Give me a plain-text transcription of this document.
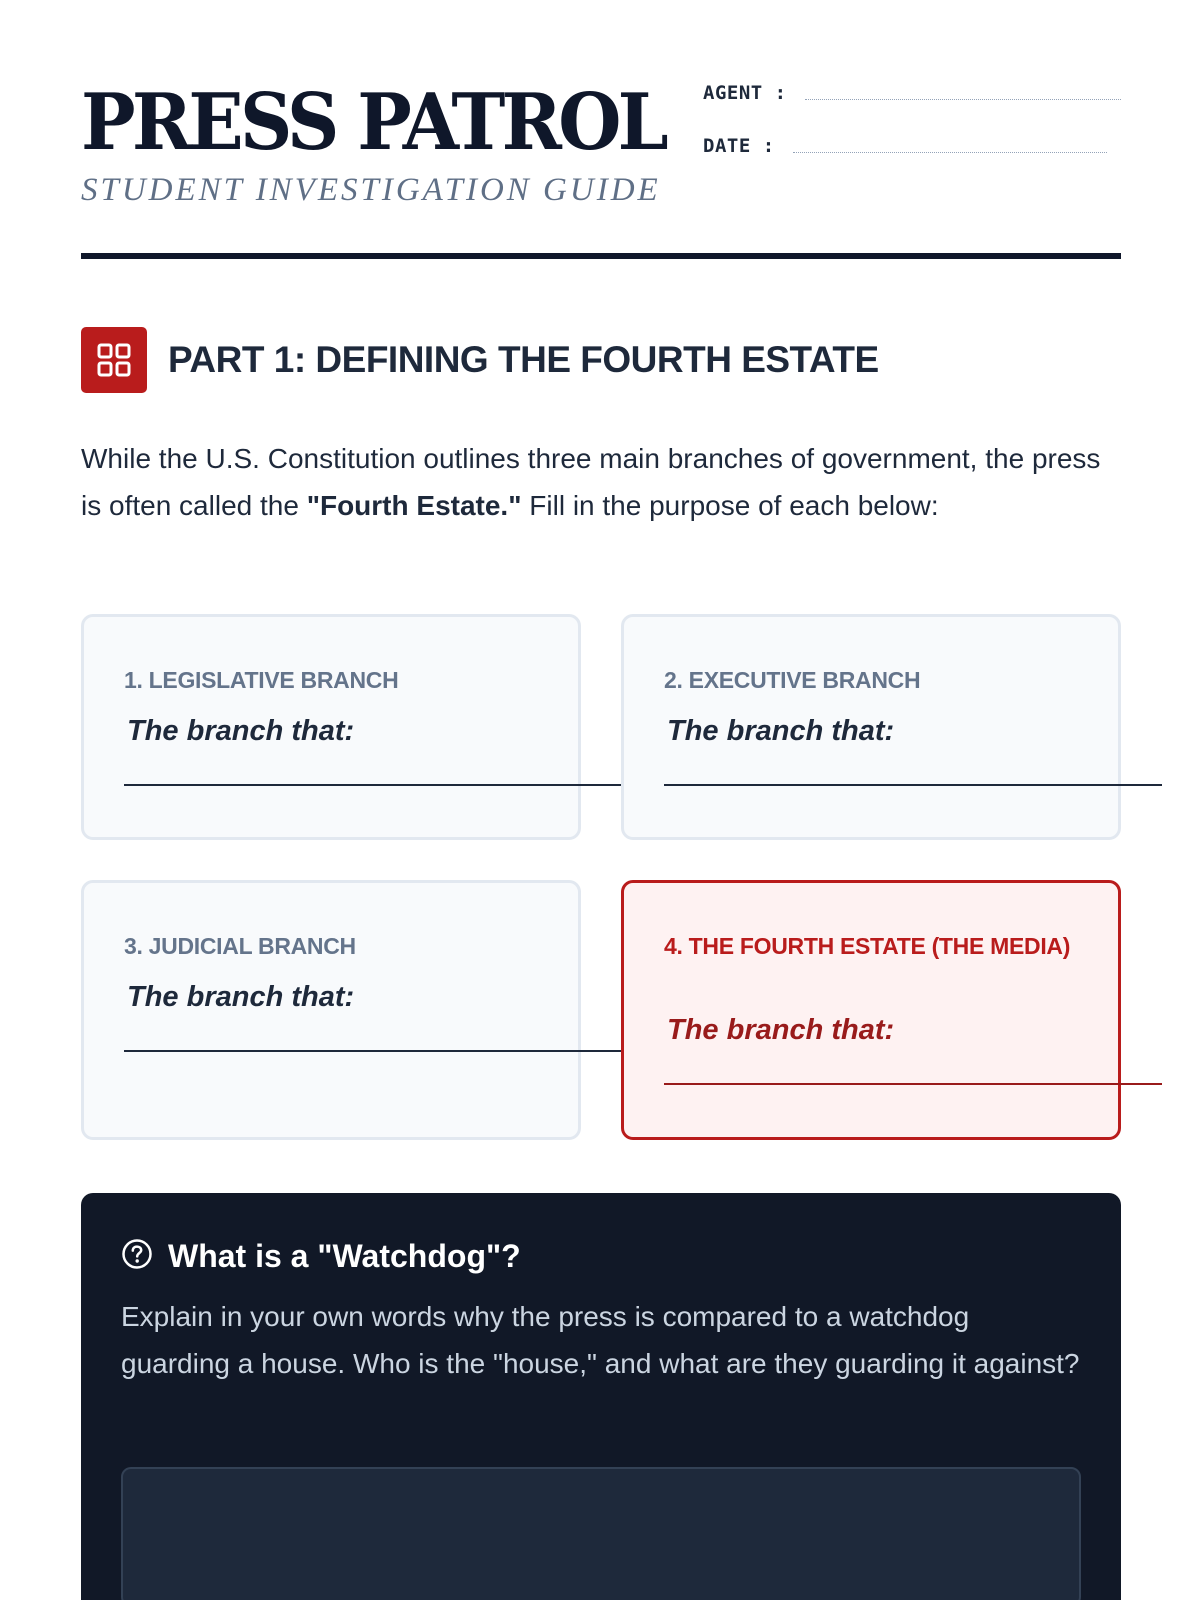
PRESS PATROL
STUDENT INVESTIGATION GUIDE
AGENT :
DATE :
PART 1: DEFINING THE FOURTH ESTATE

While the U.S. Constitution outlines three main branches of government, the press is often called the "Fourth Estate." Fill in the purpose of each below:

1. LEGISLATIVE BRANCH
The branch that:
2. EXECUTIVE BRANCH
The branch that:
3. JUDICIAL BRANCH
The branch that:
4. THE FOURTH ESTATE (THE MEDIA)
The branch that:
What is a "Watchdog"?

Explain in your own words why the press is compared to a watchdog guarding a house. Who is the "house," and what are they guarding it against?
